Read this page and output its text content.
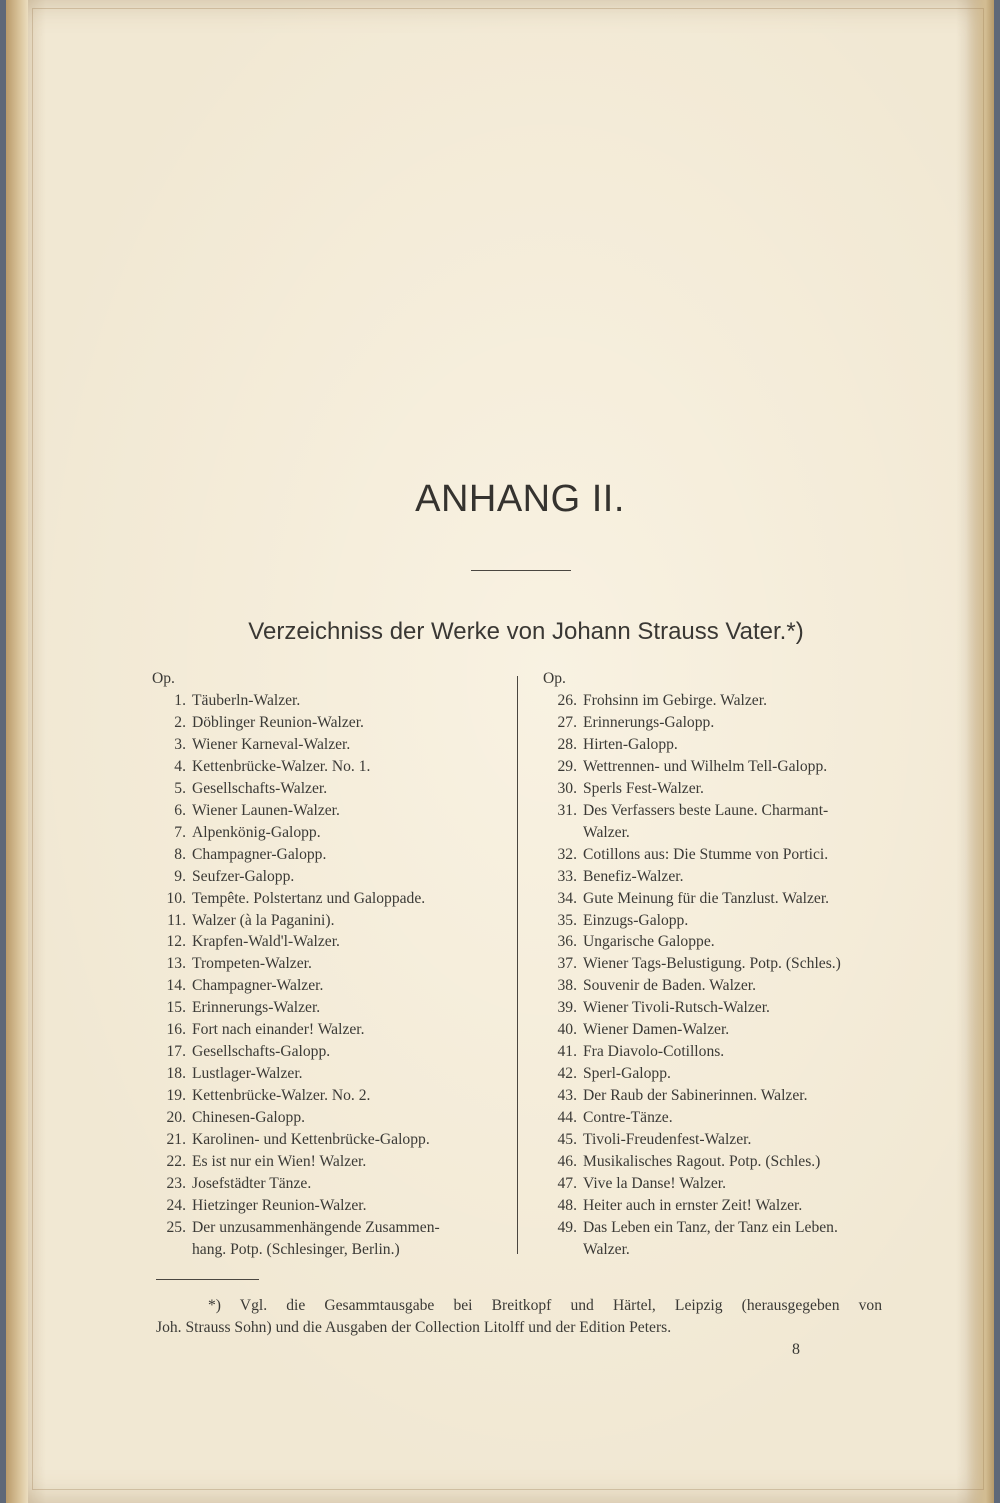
ANHANG II.
Verzeichniss der Werke von Johann Strauss Vater.*)
Op.
1. Täuberln-Walzer.
2. Döblinger Reunion-Walzer.
3. Wiener Karneval-Walzer.
4. Kettenbrücke-Walzer. No. 1.
5. Gesellschafts-Walzer.
6. Wiener Launen-Walzer.
7. Alpenkönig-Galopp.
8. Champagner-Galopp.
9. Seufzer-Galopp.
10. Tempête. Polstertanz und Galoppade.
11. Walzer (à la Paganini).
12. Krapfen-Wald'l-Walzer.
13. Trompeten-Walzer.
14. Champagner-Walzer.
15. Erinnerungs-Walzer.
16. Fort nach einander! Walzer.
17. Gesellschafts-Galopp.
18. Lustlager-Walzer.
19. Kettenbrücke-Walzer. No. 2.
20. Chinesen-Galopp.
21. Karolinen- und Kettenbrücke-Galopp.
22. Es ist nur ein Wien! Walzer.
23. Josefstädter Tänze.
24. Hietzinger Reunion-Walzer.
25. Der unzusammenhängende Zusammen-
hang. Potp. (Schlesinger, Berlin.)
Op.
26. Frohsinn im Gebirge. Walzer.
27. Erinnerungs-Galopp.
28. Hirten-Galopp.
29. Wettrennen- und Wilhelm Tell-Galopp.
30. Sperls Fest-Walzer.
31. Des Verfassers beste Laune. Charmant-
Walzer.
32. Cotillons aus: Die Stumme von Portici.
33. Benefiz-Walzer.
34. Gute Meinung für die Tanzlust. Walzer.
35. Einzugs-Galopp.
36. Ungarische Galoppe.
37. Wiener Tags-Belustigung. Potp. (Schles.)
38. Souvenir de Baden. Walzer.
39. Wiener Tivoli-Rutsch-Walzer.
40. Wiener Damen-Walzer.
41. Fra Diavolo-Cotillons.
42. Sperl-Galopp.
43. Der Raub der Sabinerinnen. Walzer.
44. Contre-Tänze.
45. Tivoli-Freudenfest-Walzer.
46. Musikalisches Ragout. Potp. (Schles.)
47. Vive la Danse! Walzer.
48. Heiter auch in ernster Zeit! Walzer.
49. Das Leben ein Tanz, der Tanz ein Leben.
Walzer.
*) Vgl. die Gesammtausgabe bei Breitkopf und Härtel, Leipzig (herausgegeben von
Joh. Strauss Sohn) und die Ausgaben der Collection Litolff und der Edition Peters.
8
